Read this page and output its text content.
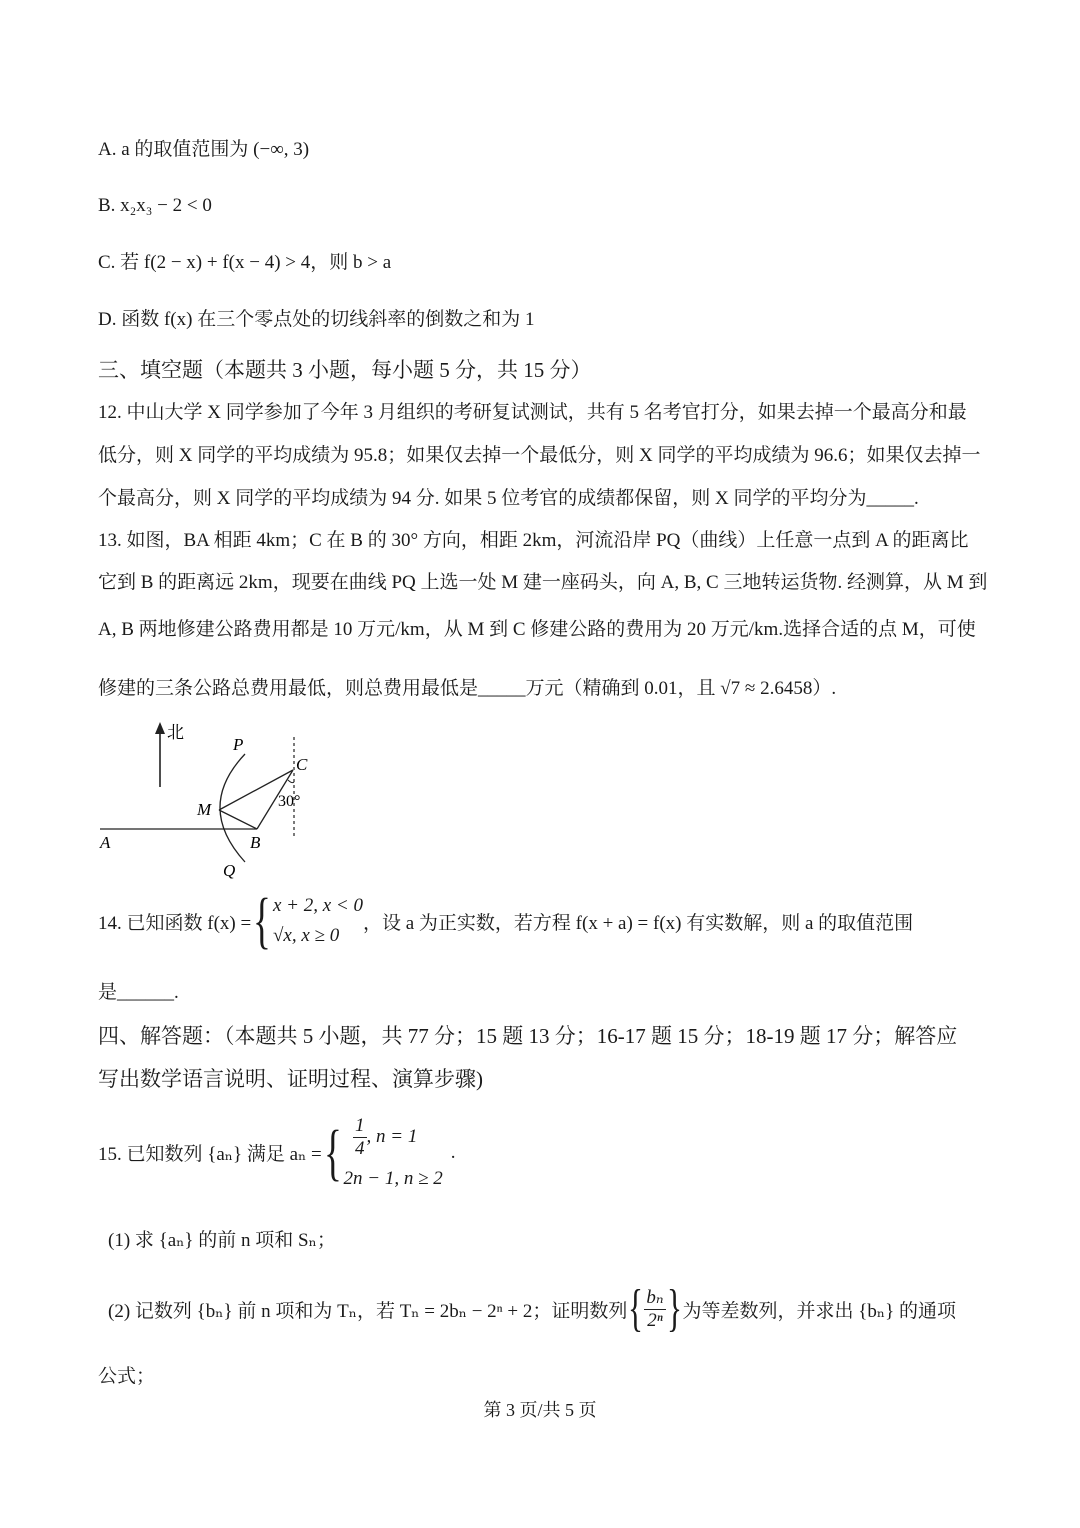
A. a 的取值范围为 (−∞, 3)
B. x₂x₃ − 2 < 0
C. 若 f(2 − x) + f(x − 4) > 4，则 b > a
D. 函数 f(x) 在三个零点处的切线斜率的倒数之和为 1
三、填空题（本题共 3 小题，每小题 5 分，共 15 分）
12. 中山大学 X 同学参加了今年 3 月组织的考研复试测试，共有 5 名考官打分，如果去掉一个最高分和最
低分，则 X 同学的平均成绩为 95.8；如果仅去掉一个最低分，则 X 同学的平均成绩为 96.6；如果仅去掉一
个最高分，则 X 同学的平均成绩为 94 分. 如果 5 位考官的成绩都保留，则 X 同学的平均分为_____.
13. 如图，BA 相距 4km；C 在 B 的 30° 方向，相距 2km，河流沿岸 PQ（曲线）上任意一点到 A 的距离比
它到 B 的距离远 2km，现要在曲线 PQ 上选一处 M 建一座码头，向 A, B, C 三地转运货物. 经测算，从 M 到
A, B 两地修建公路费用都是 10 万元/km，从 M 到 C 修建公路的费用为 20 万元/km.选择合适的点 M，可使
修建的三条公路总费用最低，则总费用最低是_____万元（精确到 0.01，且 √7 ≈ 2.6458）.
北
A	B
C
M
P
Q
30°
14. 已知函数 f(x) = { x + 2, x < 0
√x, x ≥ 0
，设 a 为正实数，若方程 f(x + a) = f(x) 有实数解，则 a 的取值范围
是______.
四、解答题：（本题共 5 小题，共 77 分；15 题 13 分；16-17 题 15 分；18-19 题 17 分；解答应
写出数学语言说明、证明过程、演算步骤)
15. 已知数列 {aₙ} 满足 aₙ = {
$\frac{1}{4}$ , n = 1
2n − 1, n ≥ 2
.
(1) 求 {aₙ} 的前 n 项和 Sₙ；
(2) 记数列 {bₙ} 前 n 项和为 Tₙ，若 Tₙ = 2bₙ − 2ⁿ + 2；证明数列 { $\frac{\text{bₙ}}{\text{2ⁿ}}$ } 为等差数列，并求出 {bₙ} 的通项
公式；
第 3 页/共 5 页
